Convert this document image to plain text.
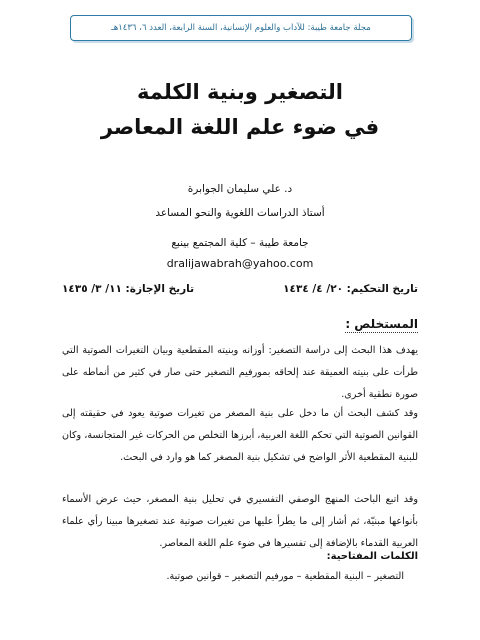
مجلة جامعة طيبة: للآداب والعلوم الإنسانية، السنة الرابعة، العدد ٦، ١٤٣٦هـ
التصغير وبنية الكلمة
في ضوء علم اللغة المعاصر
د. علي سليمان الجوابرة
أستاذ الدراسات اللغوية والنحو المساعد
جامعة طيبة – كلية المجتمع بينبع
dralijawabrah@yahoo.com
تاريخ التحكيم: ٢٠/ ٤/ ١٤٣٤
تاريخ الإجازة: ١١/ ٣/ ١٤٣٥
المستخلص :
يهدف هذا البحث إلى دراسة التصغير: أوزانه وبنيته المقطعية وبيان التغيرات الصوتية التي طرأت على بنيته العميقة عند إلحاقه بمورفيم التصغير حتى صار في كثير من أنماطه على صورة نطقية أخرى.
وقد كشف البحث أن ما دخل على بنية المصغر من تغيرات صوتية يعود في حقيقته إلى القوانين الصوتية التي تحكم اللغة العربية، أبرزها التخلص من الحركات غير المتجانسة، وكان للبنية المقطعية الأثر الواضح في تشكيل بنية المصغر كما هو وارد في البحث.
وقد اتبع الباحث المنهج الوصفي التفسيري في تحليل بنية المصغر، حيث عرض الأسماء بأنواعها مبنيّة، ثم أشار إلى ما يطرأ عليها من تغيرات صوتية عند تصغيرها مبينا رأي علماء العربية القدماء بالإضافة إلى تفسيرها في ضوء علم اللغة المعاصر.
الكلمات المفتاحية:
التصغير – البنية المقطعية – مورفيم التصغير – قوانين صوتية.
